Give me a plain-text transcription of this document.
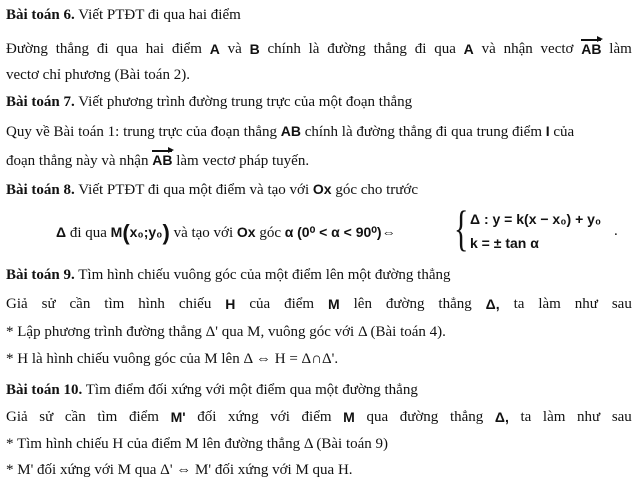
Bài toán 6. Viết PTĐT đi qua hai điểm
Đường thẳng đi qua hai điểm A và B chính là đường thẳng đi qua A và nhận vectơ AB làm
vectơ chỉ phương (Bài toán 2).
Bài toán 7. Viết phương trình đường trung trực của một đoạn thẳng
Quy về Bài toán 1: trung trực của đoạn thẳng AB chính là đường thẳng đi qua trung điểm I của
đoạn thẳng này và nhận AB làm vectơ pháp tuyến.
Bài toán 8. Viết PTĐT đi qua một điểm và tạo với Ox góc cho trước
Δ đi qua M(x₀;y₀) và tạo với Ox góc α (0⁰ < α < 90⁰)⇔	{ Δ : y = k(x − x₀) + y₀
k = ± tan α
.
Bài toán 9. Tìm hình chiếu vuông góc của một điểm lên một đường thẳng
Giả sử cần tìm hình chiếu H của điểm M lên đường thẳng Δ, ta làm như sau
* Lập phương trình đường thẳng Δ' qua M, vuông góc với Δ (Bài toán 4).
* H là hình chiếu vuông góc của M lên Δ ⇔ H = Δ∩Δ'.
Bài toán 10. Tìm điểm đối xứng với một điểm qua một đường thẳng
Giả sử cần tìm điểm M' đối xứng với điểm M qua đường thẳng Δ, ta làm như sau
* Tìm hình chiếu H của điểm M lên đường thẳng Δ (Bài toán 9)
* M' đối xứng với M qua Δ' ⇔ M' đối xứng với M qua H.
